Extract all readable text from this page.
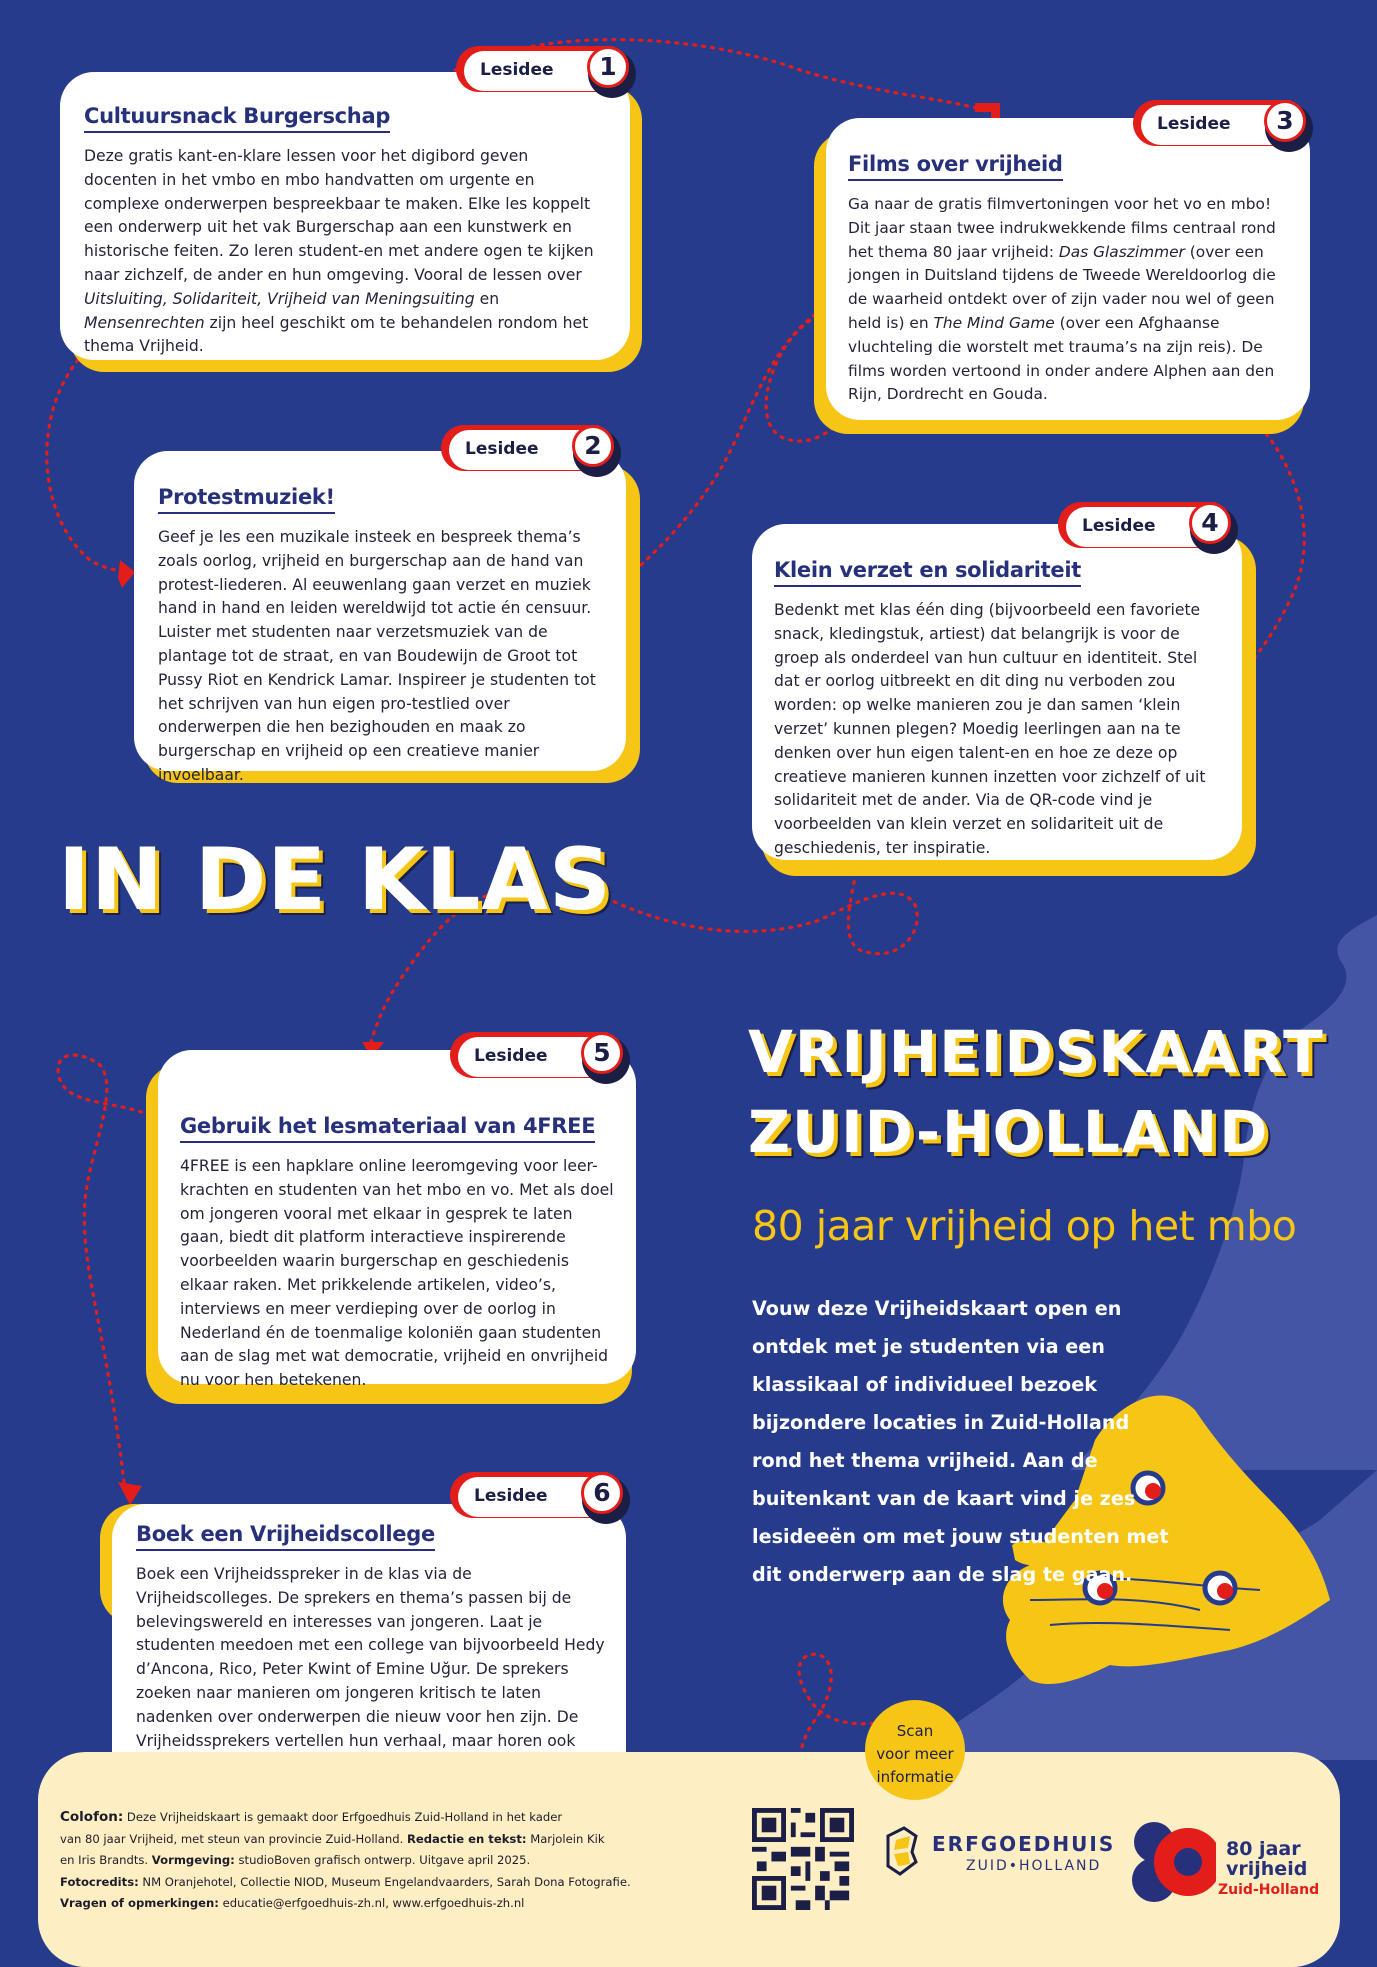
Cultuursnack Burgerschap

Deze gratis kant-en-klare lessen voor het digibord geven docenten in het vmbo en mbo handvatten om urgente en complexe onderwerpen bespreekbaar te maken. Elke les koppelt een onderwerp uit het vak Burgerschap aan een kunstwerk en historische feiten. Zo leren student-en met andere ogen te kijken naar zichzelf, de ander en hun omgeving. Vooral de lessen over Uitsluiting, Solidariteit, Vrijheid van Meningsuiting en Mensenrechten zijn heel geschikt om te behandelen rondom het thema Vrijheid.

Lesidee	1
Protestmuziek!

Geef je les een muzikale insteek en bespreek thema’s zoals oorlog, vrijheid en burgerschap aan de hand van protest-liederen. Al eeuwenlang gaan verzet en muziek hand in hand en leiden wereldwijd tot actie én censuur. Luister met studenten naar verzetsmuziek van de plantage tot de straat, en van Boudewijn de Groot tot Pussy Riot en Kendrick Lamar. Inspireer je studenten tot het schrijven van hun eigen pro-testlied over onderwerpen die hen bezighouden en maak zo burgerschap en vrijheid op een creatieve manier invoelbaar.

Lesidee	2
Films over vrijheid

Ga naar de gratis filmvertoningen voor het vo en mbo! Dit jaar staan twee indrukwekkende films centraal rond het thema 80 jaar vrijheid: Das Glaszimmer (over een jongen in Duitsland tijdens de Tweede Wereldoorlog die de waarheid ontdekt over of zijn vader nou wel of geen held is) en The Mind Game (over een Afghaanse vluchteling die worstelt met trauma’s na zijn reis). De films worden vertoond in onder andere Alphen aan den Rijn, Dordrecht en Gouda.

Lesidee	3
Klein verzet en solidariteit

Bedenkt met klas één ding (bijvoorbeeld een favoriete snack, kledingstuk, artiest) dat belangrijk is voor de groep als onderdeel van hun cultuur en identiteit. Stel dat er oorlog uitbreekt en dit ding nu verboden zou worden: op welke manieren zou je dan samen ‘klein verzet’ kunnen plegen? Moedig leerlingen aan na te denken over hun eigen talent-en en hoe ze deze op creatieve manieren kunnen inzetten voor zichzelf of uit solidariteit met de ander. Via de QR-code vind je voorbeelden van klein verzet en solidariteit uit de geschiedenis, ter inspiratie.

Lesidee	4
IN DE KLAS
Gebruik het lesmateriaal van 4FREE

4FREE is een hapklare online leeromgeving voor leer-krachten en studenten van het mbo en vo. Met als doel om jongeren vooral met elkaar in gesprek te laten gaan, biedt dit platform interactieve inspirerende voorbeelden waarin burgerschap en geschiedenis elkaar raken. Met prikkelende artikelen, video’s, interviews en meer verdieping over de oorlog in Nederland én de toenmalige koloniën gaan studenten aan de slag met wat democratie, vrijheid en onvrijheid nu voor hen betekenen.

Lesidee	5
Boek een Vrijheidscollege

Boek een Vrijheidsspreker in de klas via de Vrijheidscolleges. De sprekers en thema’s passen bij de belevingswereld en interesses van jongeren. Laat je studenten meedoen met een college van bijvoorbeeld Hedy d’Ancona, Rico, Peter Kwint of Emine Uğur. De sprekers zoeken naar manieren om jongeren kritisch te laten nadenken over onderwerpen die nieuw voor hen zijn. De Vrijheidssprekers vertellen hun verhaal, maar horen ook

Lesidee	6
VRIJHEIDSKAART
ZUID-HOLLAND
80 jaar vrijheid op het mbo
Vouw deze Vrijheidskaart open en ontdek met je studenten via een klassikaal of individueel bezoek bijzondere locaties in Zuid-Holland rond het thema vrijheid. Aan de buitenkant van de kaart vind je zes lesideeën om met jouw studenten met dit onderwerp aan de slag te gaan.
Colofon: Deze Vrijheidskaart is gemaakt door Erfgoedhuis Zuid-Holland in het kader
van 80 jaar Vrijheid, met steun van provincie Zuid-Holland. Redactie en tekst: Marjolein Kik
en Iris Brandts. Vormgeving: studioBoven grafisch ontwerp. Uitgave april 2025.
Fotocredits: NM Oranjehotel, Collectie NIOD, Museum Engelandvaarders, Sarah Dona Fotografie.
Vragen of opmerkingen: educatie@erfgoedhuis-zh.nl, www.erfgoedhuis-zh.nl
ERFGOEDHUIS
ZUID•HOLLAND
80 jaar
vrijheid
Zuid-Holland
Scan
voor meer
informatie
